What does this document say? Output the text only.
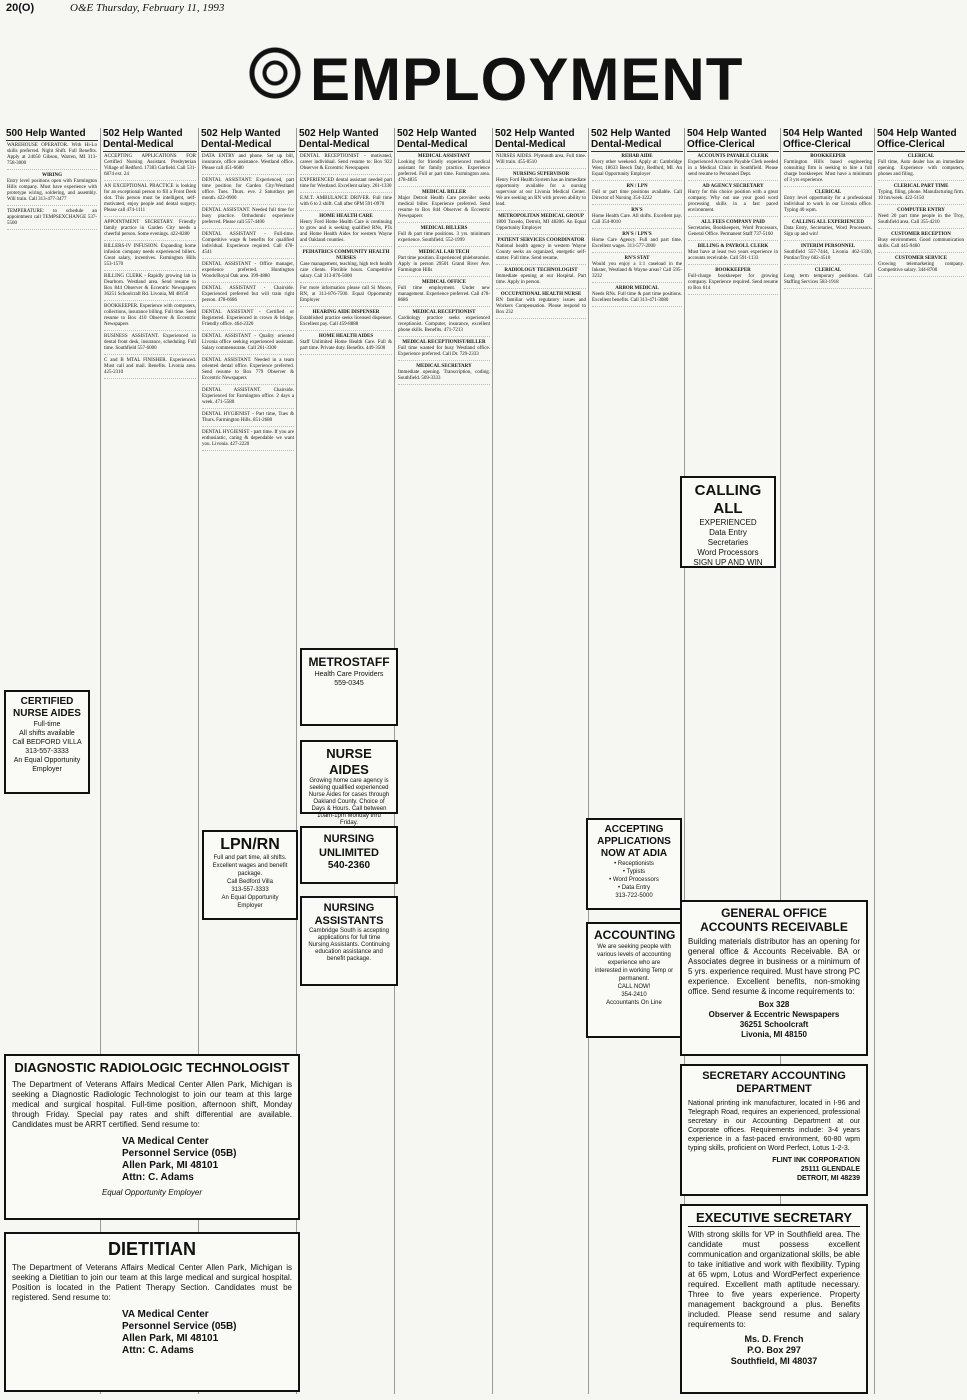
20(O)	O&E Thursday, February 11, 1993
EMPLOYMENT
500 Help Wanted
WAREHOUSE OPERATOR. With Hi-Lo skills preferred. Night Shift. Full Benefits. Apply at 24050 Gibson, Warren, MI 313-758-3000
WIRING
Entry level positions open with Farmington Hills company. Must have experience with prototype wiring, soldering, and assembly. Will train. Call 313-477-3477
TEMPERATURE: to schedule an appointment call TEMPSEXCHANGE 537-5500
502 Help Wanted Dental-Medical
ACCEPTING APPLICATIONS FOR Certified Nursing Assistant. Presbyterian Village of Redford. 17383 Garfield. Call 531-6874 ext. 24
AN EXCEPTIONAL PRACTICE is looking for an exceptional person to fill a Front Desk slot. This person must be intelligent, self-motivated, enjoy people and dental surgery. Please call 474-1111
APPOINTMENT SECRETARY. Friendly family practice in Garden City needs a cheerful person. Some evenings. 422-8280
BILLERS-IV INFUSION. Expanding home infusion company needs experienced billers. Great salary, incentives. Farmington Hills 553-1570
BILLING CLERK - Rapidly growing lab in Dearborn. Westland area. Send resume to Box 844 Observer & Eccentric Newspapers 36251 Schoolcraft Rd. Livonia, MI 48150
BOOKKEEPER. Experience with computers, collections, insurance billing. Full time. Send resume to Box 410 Observer & Eccentric Newspapers
BUSINESS ASSISTANT. Experienced in dental front desk, insurance, scheduling. Full time. Southfield 557-6000
C and B MTAL FINISHER. Experienced. Must call and mail. Benefits. Livonia area. 425-2310
502 Help Wanted Dental-Medical
DATA ENTRY and phone. Set up bill, insurance, office assistance. Westland office. Please call 451-6680
DENTAL ASSISTANT. Experienced, part time position for Garden City/Westland office. Tues. Thurs. eve. 2 Saturdays per month. 422-0900
DENTAL ASSISTANT. Needed full time for busy practice. Orthodontic experience preferred. Please call 557-4400
DENTAL ASSISTANT - Full-time. Competitive wage & benefits for qualified individual. Experience required. Call 478-4541
DENTAL ASSISTANT - Office manager, experience preferred. Huntington Woods/Royal Oak area. 399-4880
DENTAL ASSISTANT - Chairside. Experienced preferred but will train right person. 478-6686
DENTAL ASSISTANT - Certified or Registered. Experienced in crown & bridge. Friendly office. 464-2320
DENTAL ASSISTANT - Quality oriented Livonia office seeking experienced assistant. Salary commensurate. Call 261-3300
DENTAL ASSISTANT. Needed in a team oriented dental office. Experience preferred. Send resume to Box 779 Observer & Eccentric Newspapers
DENTAL ASSISTANT. Chairside. Experienced for Farmington office. 2 days a week. 471-5580
DENTAL HYGIENIST - Part time, Tues & Thurs. Farmington Hills. 851-2680
DENTAL HYGIENIST - part time. If you are enthusiastic, caring & dependable we want you. Livonia. 427-2220
502 Help Wanted Dental-Medical
DENTAL RECEPTIONIST - motivated, career individual. Send resume to: Box 922 Observer & Eccentric Newspapers
EXPERIENCED dental assistant needed part time for Westland. Excellent salary. 261-1330
E.M.T. AMBULANCE DRIVER. Full time with 6 to 2 shift. Call after 6PM 591-0970
HOME HEALTH CARE
Henry Ford Home Health Care is continuing to grow and is seeking qualified RNs, PTs and Home Health Aides for western Wayne and Oakland counties.
PEDIATRICS COMMUNITY HEALTH NURSES
Case management, teaching, high tech health care clients. Flexible hours. Competitive salary. Call 313-876-5000
For more information please call Si Moore, RN, at 313-876-7500. Equal Opportunity Employer
HEARING AIDE DISPENSER
Established practice seeks licensed dispenser. Excellent pay. Call 459-8888
HOME HEALTH AIDES
Staff Unlimited Home Health Care. Full & part time. Private duty. Benefits. 449-3500
502 Help Wanted Dental-Medical
MEDICAL ASSISTANT
Looking for friendly experienced medical assistant for family practice. Experience preferred. Full or part time. Farmington area. 478-4835
MEDICAL BILLER
Major Detroit Health Care provider seeks medical biller. Experience preferred. Send resume to Box 844 Observer & Eccentric Newspapers
MEDICAL BILLERS
Full & part time positions. 3 yrs. minimum experience. Southfield. 552-1999
MEDICAL LAB TECH
Part time position. Experienced phlebotomist. Apply in person 29501 Grand River Ave. Farmington Hills
MEDICAL OFFICE
Full time employment. Under new management. Experience preferred. Call 478-8686
MEDICAL RECEPTIONIST
Cardiology practice seeks experienced receptionist. Computer, insurance, excellent phone skills. Benefits. 471-7213
MEDICAL RECEPTIONIST/BILLER
Full time wanted for busy Westland office. Experience preferred. Call Dr. 729-2333
MEDICAL SECRETARY
Immediate opening. Transcription, coding. Southfield. 569-3333
502 Help Wanted Dental-Medical
NURSES AIDES. Plymouth area. Full time. Will train. 455-0510
NURSING SUPERVISOR
Henry Ford Health System has an immediate opportunity available for a nursing supervisor at our Livonia Medical Center. We are seeking an RN with proven ability to lead.
METROPOLITAN MEDICAL GROUP
1800 Tuxedo, Detroit, MI 48206. An Equal Opportunity Employer
PATIENT SERVICES COORDINATOR
National health agency in western Wayne County seeks an organized, energetic self-starter. Full time. Send resume.
RADIOLOGY TECHNOLOGIST
Immediate opening at our Hospital. Part time. Apply in person.
OCCUPATIONAL HEALTH NURSE
RN familiar with regulatory issues and Workers Compensation. Please respond to Box 232
502 Help Wanted Dental-Medical
REHAB AIDE
Every other weekend. Apply at: Cambridge West, 18633 Beech Daly, Redford, MI. An Equal Opportunity Employer
RN / LPN
Full or part time positions available. Call Director of Nursing 354-3222
RN'S
Home Health Care. All shifts. Excellent pay. Call 354-0010
RN'S / LPN'S
Home Care Agency. Full and part time. Excellent wages. 313-577-2000
RN'S STAT
Would you enjoy a 1:1 caseload in the Inkster, Westland & Wayne areas? Call 595-3232
ARBOR MEDICAL
Needs RNs. Full time & part time positions. Excellent benefits. Call 313-471-3080
504 Help Wanted Office-Clerical
ACCOUNTS PAYABLE CLERK
Experienced Accounts Payable Clerk needed in a Medical Clinic in Southfield. Please send resume to Personnel Dept.
AD AGENCY SECRETARY
Hurry for this choice position with a great company. Why not use your good word processing skills in a fast paced environment.
ALL FEES COMPANY PAID
Secretaries, Bookkeepers, Word Processors, General Office. Permanent Staff 737-5160
BILLING & PAYROLL CLERK
Must have at least two years experience in accounts receivable. Call 591-1133
BOOKKEEPER
Full-charge bookkeeper for growing company. Experience required. Send resume to Box 614
504 Help Wanted Office-Clerical
BOOKKEEPER
Farmington Hills based engineering consulting firm is seeking to hire a full charge bookkeeper. Must have a minimum of 3 yrs experience.
CLERICAL
Entry level opportunity for a professional individual to work in our Livonia office. Typing 40 wpm.
CALLING ALL EXPERIENCED
Data Entry, Secretaries, Word Processors. Sign up and win!
INTERIM PERSONNEL
Southfield 557-7444, Livonia 462-1330, Pontiac/Troy 682-4510
CLERICAL
Long term temporary positions. Call Staffing Services 583-1918
504 Help Wanted Office-Clerical
CLERICAL
Full time, Auto dealer has an immediate opening. Experience with computers, phones and filing.
CLERICAL PART TIME
Typing, filing, phone. Manufacturing firm. 10 hrs/week. 422-5150
COMPUTER ENTRY
Need 20 part time people in the Troy, Southfield area. Call 355-4210
CUSTOMER RECEPTION
Busy environment. Good communication skills. Call 445-9460
CUSTOMER SERVICE
Growing telemarketing company. Competitive salary. 344-8700
CERTIFIED NURSE AIDES
Full-time
All shifts available
Call BEDFORD VILLA
313-557-3333
An Equal Opportunity Employer
DIAGNOSTIC RADIOLOGIC TECHNOLOGIST
The Department of Veterans Affairs Medical Center Allen Park, Michigan is seeking a Diagnostic Radiologic Technologist to join our team at this large medical and surgical hospital. Full-time position, afternoon shift, Monday through Friday. Special pay rates and shift differential are available. Candidates must be ARRT certified. Send resume to:
VA Medical Center
Personnel Service (05B)
Allen Park, MI 48101
Attn: C. Adams
Equal Opportunity Employer
DIETITIAN
The Department of Veterans Affairs Medical Center Allen Park, Michigan is seeking a Dietitian to join our team at this large medical and surgical hospital. Position is located in the Patient Therapy Section. Candidates must be registered. Send resume to:
VA Medical Center
Personnel Service (05B)
Allen Park, MI 48101
Attn: C. Adams
LPN/RN
Full and part time, all shifts. Excellent wages and benefit package.
Call Bedford Villa
313-557-3333
An Equal Opportunity Employer
METROSTAFF
Health Care Providers
559-0345
NURSE AIDES
Growing home care agency is seeking qualified experienced Nurse Aides for cases through Oakland County. Choice of Days & Hours. Call between 10am-1pm Monday thru Friday.
NURSING UNLIMITED
540-2360
NURSING ASSISTANTS
Cambridge South is accepting applications for full time Nursing Assistants. Continuing education assistance and benefit package.
ACCEPTING APPLICATIONS NOW AT ADIA
• Receptionists
• Typists
• Word Processors
• Data Entry
313-722-5000
ACCOUNTING
We are seeking people with various levels of accounting experience who are interested in working Temp or permanent.
CALL NOW!
354-2410
Accountants On Line
CALLING ALL
EXPERIENCED
Data Entry
Secretaries
Word Processors
SIGN UP AND WIN
GENERAL OFFICE ACCOUNTS RECEIVABLE
Building materials distributor has an opening for general office & Accounts Receivable. BA or Associates degree in business or a minimum of 5 yrs. experience required. Must have strong PC experience. Excellent benefits, non-smoking office. Send resume & income requirements to:
Box 328
Observer & Eccentric Newspapers
36251 Schoolcraft
Livonia, MI 48150
SECRETARY ACCOUNTING DEPARTMENT
National printing ink manufacturer, located in I-96 and Telegraph Road, requires an experienced, professional secretary in our Accounting Department at our Corporate offices. Requirements include: 3-4 years experience in a fast-paced environment, 60-80 wpm typing skills, proficient on Word Perfect, Lotus 1-2-3.
FLINT INK CORPORATION
25111 GLENDALE
DETROIT, MI 48239
EXECUTIVE SECRETARY
With strong skills for VP in Southfield area. The candidate must possess excellent communication and organizational skills, be able to take initiative and work with flexibility. Typing at 65 wpm, Lotus and WordPerfect experience required. Excellent math aptitude necessary. Three to five years experience. Property management background a plus. Benefits included. Please send resume and salary requirements to:
Ms. D. French
P.O. Box 297
Southfield, MI 48037
